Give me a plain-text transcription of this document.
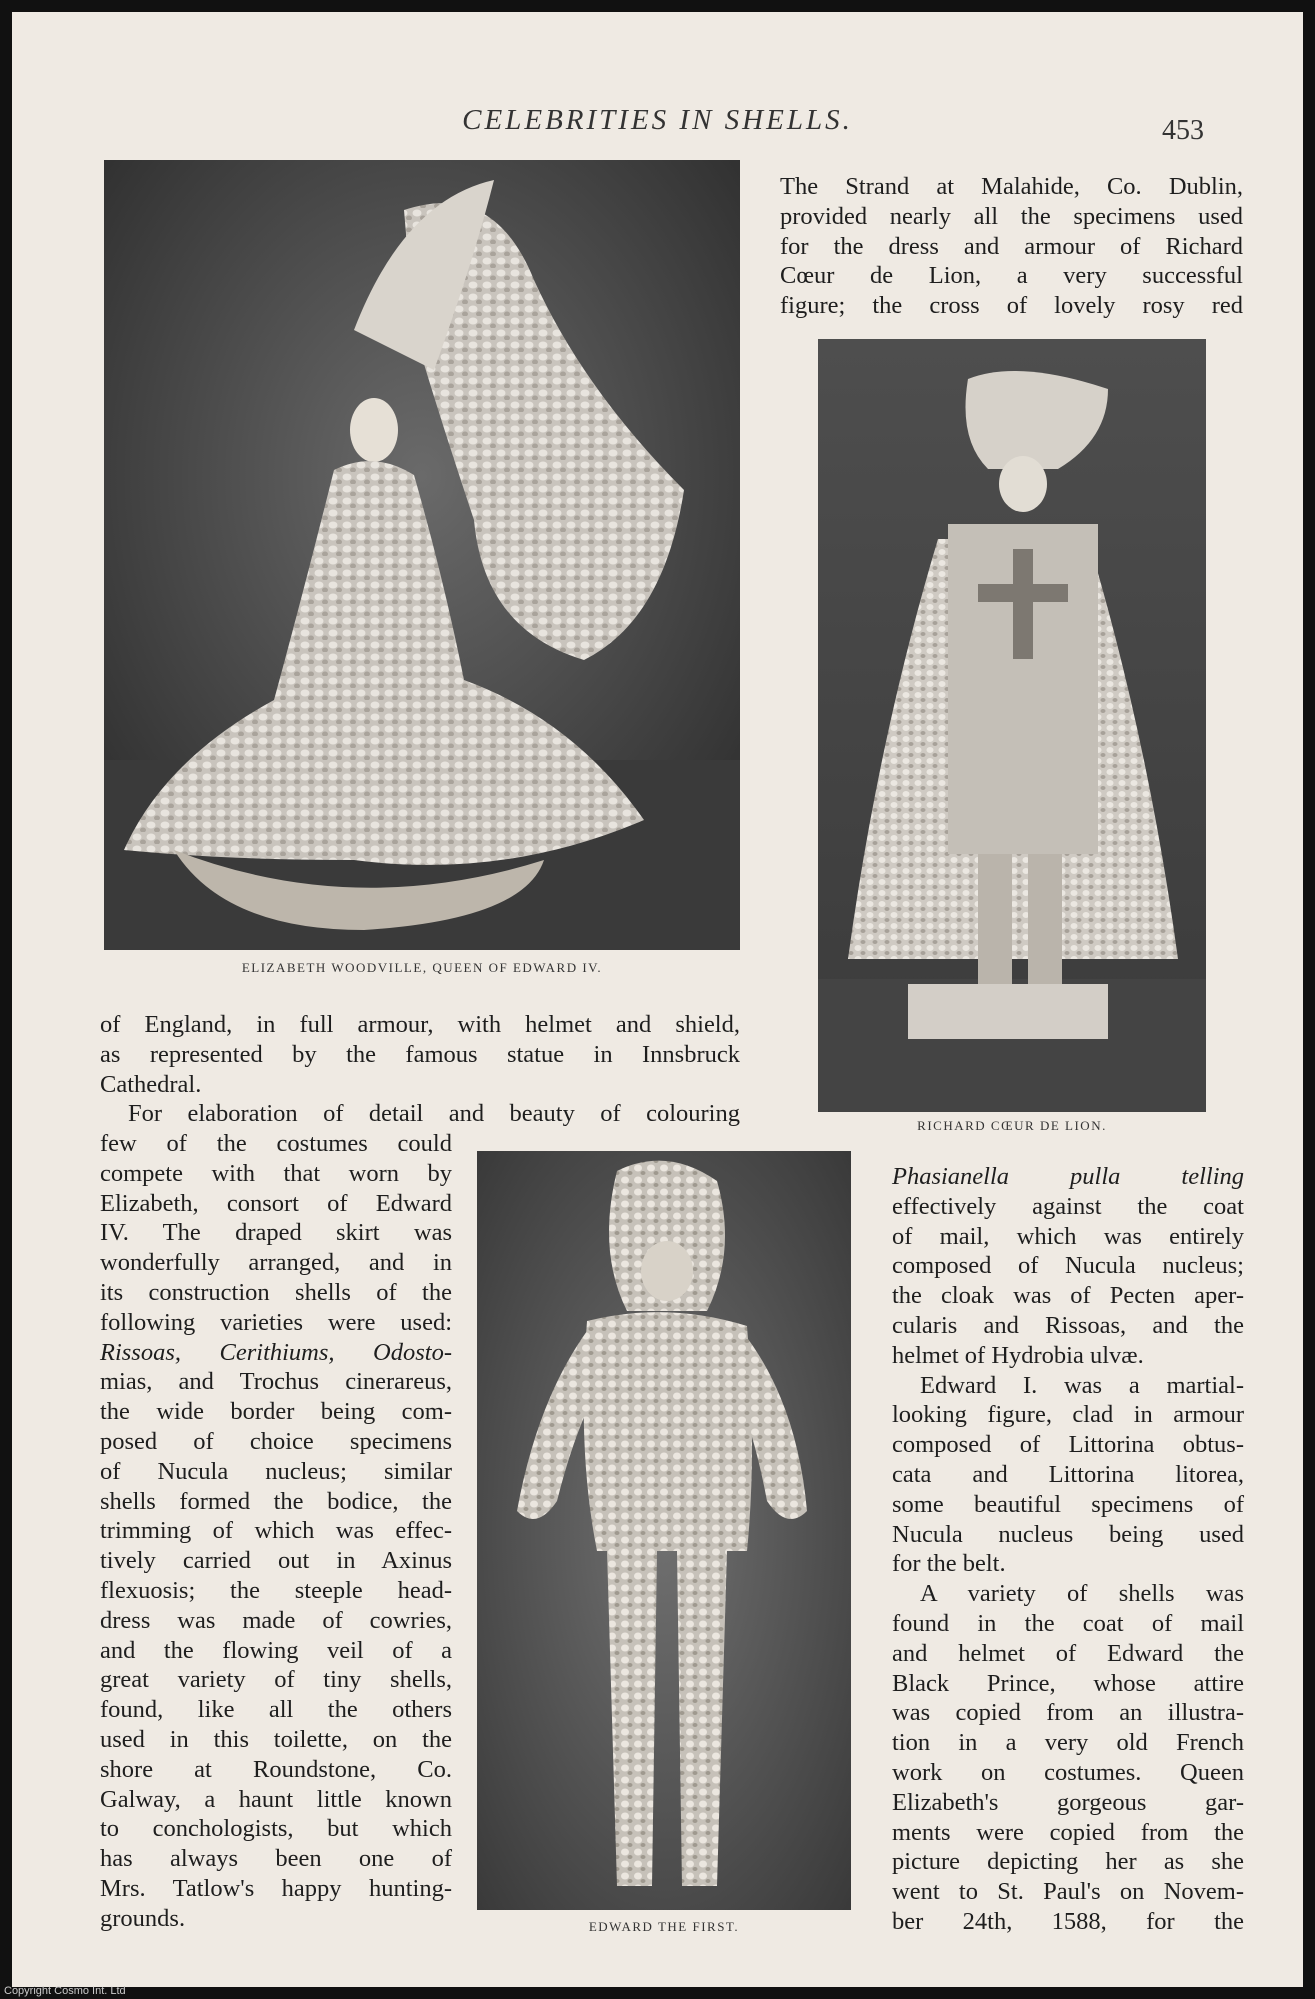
CELEBRITIES IN SHELLS.	453
ELIZABETH WOODVILLE, QUEEN OF EDWARD IV.
The Strand at Malahide, Co. Dublin,
provided nearly all the specimens used
for the dress and armour of Richard
Cœur de Lion, a very successful
figure; the cross of lovely rosy red
RICHARD CŒUR DE LION.
of England, in full armour, with helmet and shield,
as represented by the famous statue in Innsbruck
Cathedral.
For elaboration of detail and beauty of colouring
few of the costumes could
compete with that worn by
Elizabeth, consort of Edward
IV. The draped skirt was
wonderfully arranged, and in
its construction shells of the
following varieties were used:
Rissoas, Cerithiums, Odosto-
mias, and Trochus cinerareus,
the wide border being com-
posed of choice specimens
of Nucula nucleus; similar
shells formed the bodice, the
trimming of which was effec-
tively carried out in Axinus
flexuosis; the steeple head-
dress was made of cowries,
and the flowing veil of a
great variety of tiny shells,
found, like all the others
used in this toilette, on the
shore at Roundstone, Co.
Galway, a haunt little known
to conchologists, but which
has always been one of
Mrs. Tatlow's happy hunting-
grounds.	EDWARD THE FIRST.
Phasianella pulla telling
effectively against the coat
of mail, which was entirely
composed of Nucula nucleus;
the cloak was of Pecten aper-
cularis and Rissoas, and the
helmet of Hydrobia ulvæ.
Edward I. was a martial-
looking figure, clad in armour
composed of Littorina obtus-
cata and Littorina litorea,
some beautiful specimens of
Nucula nucleus being used
for the belt.
A variety of shells was
found in the coat of mail
and helmet of Edward the
Black Prince, whose attire
was copied from an illustra-
tion in a very old French
work on costumes. Queen
Elizabeth's gorgeous gar-
ments were copied from the
picture depicting her as she
went to St. Paul's on Novem-
ber 24th, 1588, for the
Copyright Cosmo Int. Ltd
